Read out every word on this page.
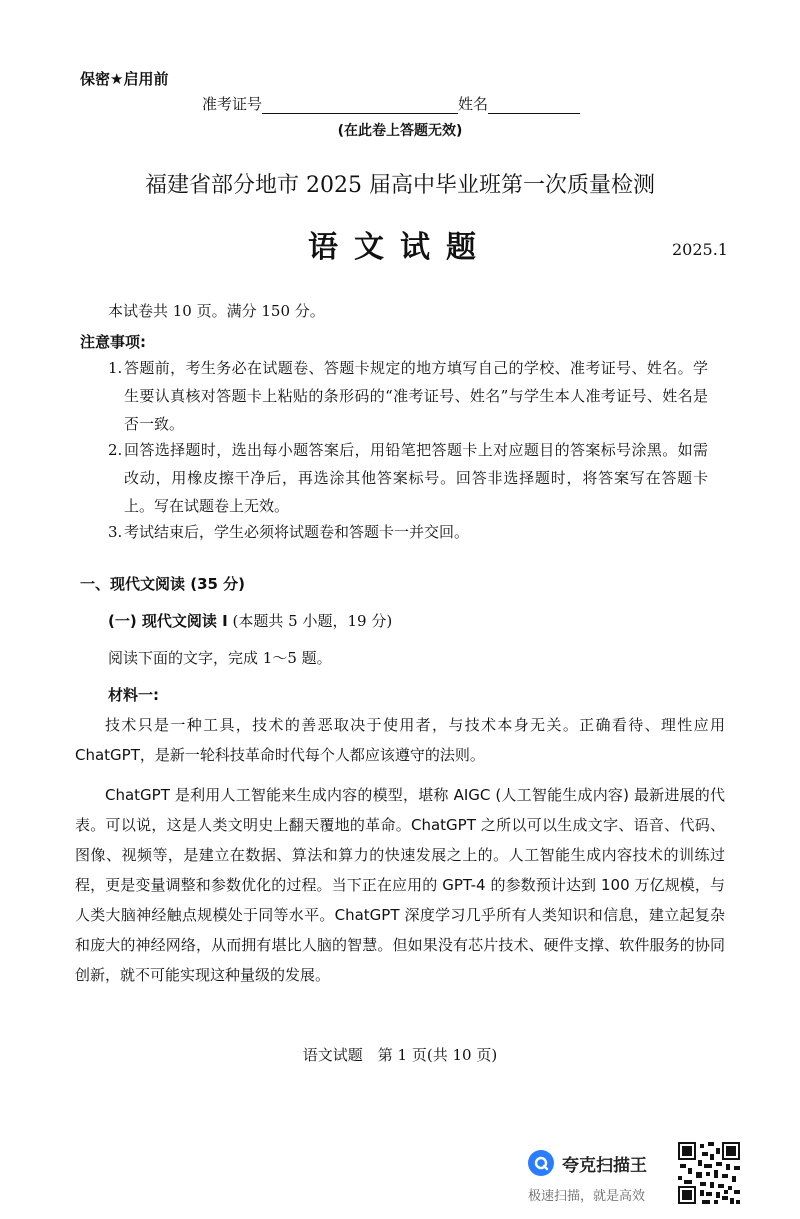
保密★启用前
准考证号	姓名
(在此卷上答题无效)
福建省部分地市 2025 届高中毕业班第一次质量检测
语文试题	2025.1
本试卷共 10 页。满分 150 分。
注意事项:
1. 答题前，考生务必在试题卷、答题卡规定的地方填写自己的学校、准考证号、姓名。学生要认真核对答题卡上粘贴的条形码的“准考证号、姓名”与学生本人准考证号、姓名是否一致。
2. 回答选择题时，选出每小题答案后，用铅笔把答题卡上对应题目的答案标号涂黑。如需改动，用橡皮擦干净后，再选涂其他答案标号。回答非选择题时，将答案写在答题卡上。写在试题卷上无效。
3. 考试结束后，学生必须将试题卷和答题卡一并交回。
一、现代文阅读 (35 分)
(一) 现代文阅读 Ⅰ (本题共 5 小题，19 分)
阅读下面的文字，完成 1～5 题。
材料一:
技术只是一种工具，技术的善恶取决于使用者，与技术本身无关。正确看待、理性应用 ChatGPT，是新一轮科技革命时代每个人都应该遵守的法则。
ChatGPT 是利用人工智能来生成内容的模型，堪称 AIGC (人工智能生成内容) 最新进展的代表。可以说，这是人类文明史上翻天覆地的革命。ChatGPT 之所以可以生成文字、语音、代码、图像、视频等，是建立在数据、算法和算力的快速发展之上的。人工智能生成内容技术的训练过程，更是变量调整和参数优化的过程。当下正在应用的 GPT-4 的参数预计达到 100 万亿规模，与人类大脑神经触点规模处于同等水平。ChatGPT 深度学习几乎所有人类知识和信息，建立起复杂和庞大的神经网络，从而拥有堪比人脑的智慧。但如果没有芯片技术、硬件支撑、软件服务的协同创新，就不可能实现这种量级的发展。
语文试题　第 1 页(共 10 页)
夸克扫描王
极速扫描，就是高效
